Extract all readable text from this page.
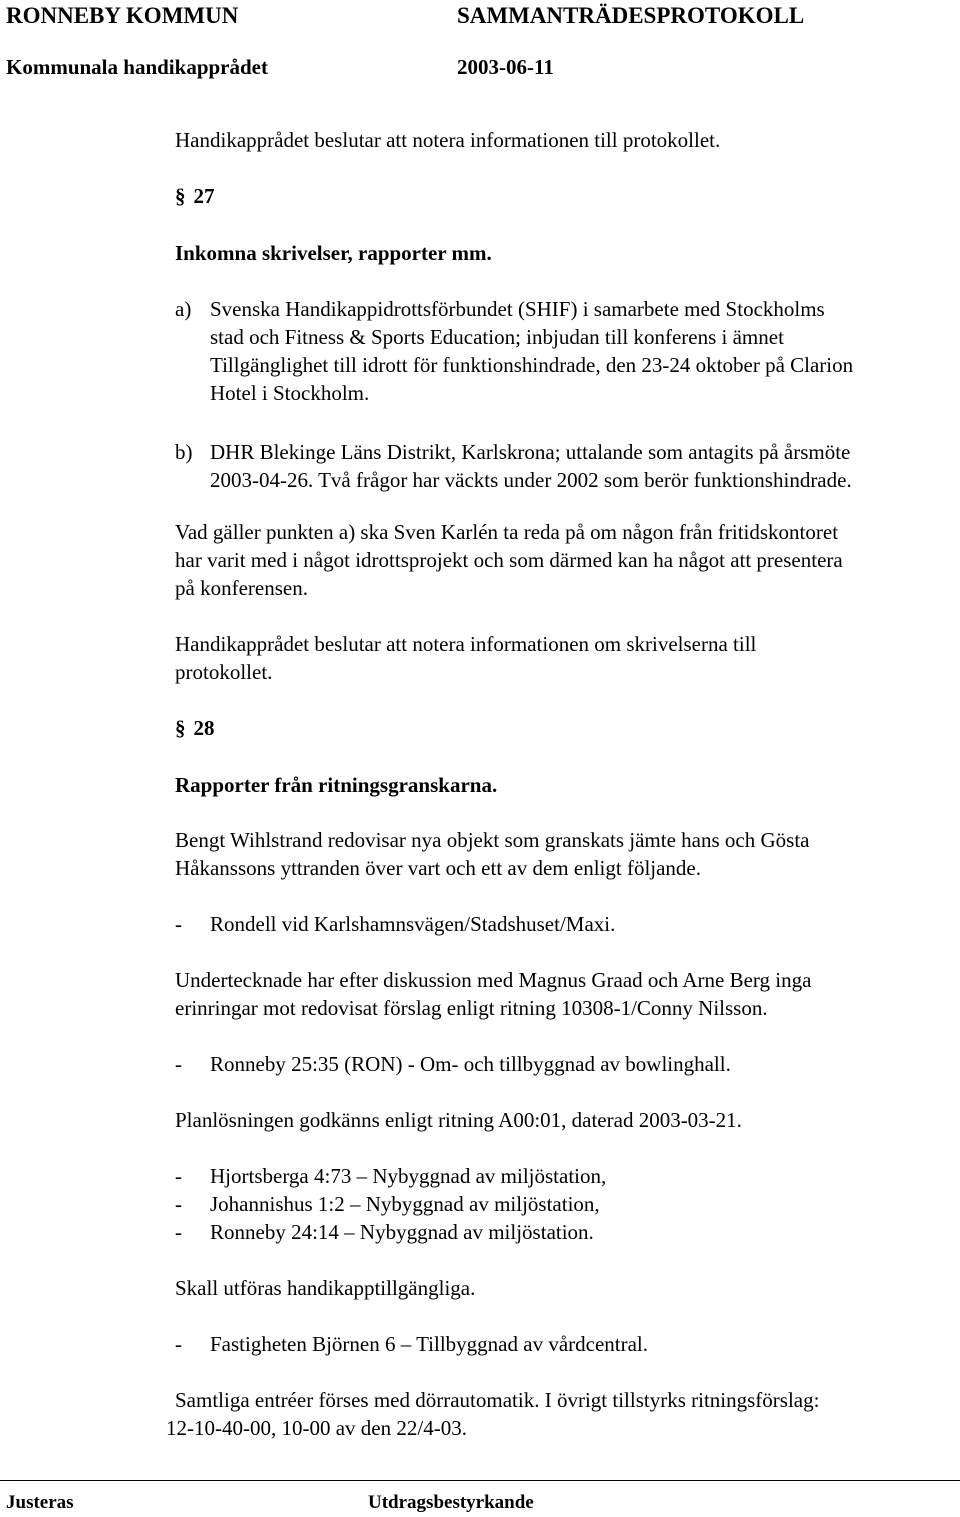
RONNEBY KOMMUN	SAMMANTRÄDESPROTOKOLL
Kommunala handikapprådet	2003-06-11
Handikapprådet beslutar att notera informationen till protokollet.
§ 27
Inkomna skrivelser, rapporter mm.
a) Svenska Handikappidrottsförbundet (SHIF) i samarbete med Stockholms
stad och Fitness & Sports Education; inbjudan till konferens i ämnet
Tillgänglighet till idrott för funktionshindrade, den 23-24 oktober på Clarion
Hotel i Stockholm.
b) DHR Blekinge Läns Distrikt, Karlskrona; uttalande som antagits på årsmöte
2003-04-26. Två frågor har väckts under 2002 som berör funktionshindrade.
Vad gäller punkten a) ska Sven Karlén ta reda på om någon från fritidskontoret
har varit med i något idrottsprojekt och som därmed kan ha något att presentera
på konferensen.
Handikapprådet beslutar att notera informationen om skrivelserna till
protokollet.
§ 28
Rapporter från ritningsgranskarna.
Bengt Wihlstrand redovisar nya objekt som granskats jämte hans och Gösta
Håkanssons yttranden över vart och ett av dem enligt följande.
- Rondell vid Karlshamnsvägen/Stadshuset/Maxi.
Undertecknade har efter diskussion med Magnus Graad och Arne Berg inga
erinringar mot redovisat förslag enligt ritning 10308-1/Conny Nilsson.
- Ronneby 25:35 (RON) - Om- och tillbyggnad av bowlinghall.
Planlösningen godkänns enligt ritning A00:01, daterad 2003-03-21.
- Hjortsberga 4:73 – Nybyggnad av miljöstation,
- Johannishus 1:2 – Nybyggnad av miljöstation,
- Ronneby 24:14 – Nybyggnad av miljöstation.
Skall utföras handikapptillgängliga.
- Fastigheten Björnen 6 – Tillbyggnad av vårdcentral.
Samtliga entréer förses med dörrautomatik. I övrigt tillstyrks ritningsförslag:
12-10-40-00, 10-00 av den 22/4-03.
Justeras	Utdragsbestyrkande
